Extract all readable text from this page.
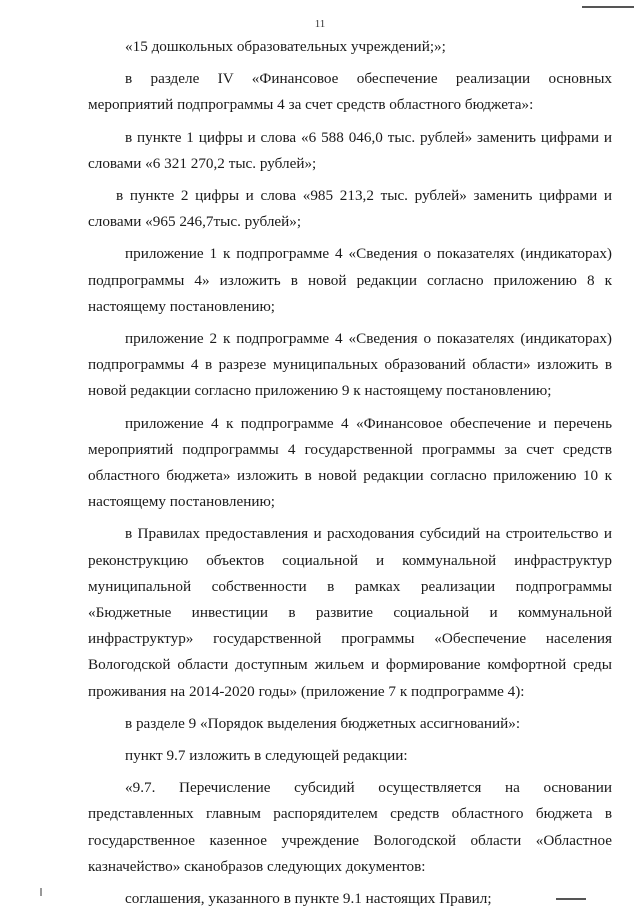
11

«15 дошкольных образовательных учреждений;»;

в разделе IV «Финансовое обеспечение реализации основных мероприятий подпрограммы 4 за счет средств областного бюджета»:

в пункте 1 цифры и слова «6 588 046,0 тыс. рублей» заменить цифрами и словами «6 321 270,2 тыс. рублей»;

в пункте 2 цифры и слова «985 213,2 тыс. рублей» заменить цифрами и словами «965 246,7тыс. рублей»;

приложение 1 к подпрограмме 4 «Сведения о показателях (индикаторах) подпрограммы 4» изложить в новой редакции согласно приложению 8 к настоящему постановлению;

приложение 2 к подпрограмме 4 «Сведения о показателях (индикаторах) подпрограммы 4 в разрезе муниципальных образований области» изложить в новой редакции согласно приложению 9 к настоящему постановлению;

приложение 4 к подпрограмме 4 «Финансовое обеспечение и перечень мероприятий подпрограммы 4 государственной программы за счет средств областного бюджета» изложить в новой редакции согласно приложению 10 к настоящему постановлению;

в Правилах предоставления и расходования субсидий на строительство и реконструкцию объектов социальной и коммунальной инфраструктур муниципальной собственности в рамках реализации подпрограммы «Бюджетные инвестиции в развитие социальной и коммунальной инфраструктур» государственной программы «Обеспечение населения Вологодской области доступным жильем и формирование комфортной среды проживания на 2014-2020 годы» (приложение 7 к подпрограмме 4):

в разделе 9 «Порядок выделения бюджетных ассигнований»:

пункт 9.7 изложить в следующей редакции:

«9.7. Перечисление субсидий осуществляется на основании представленных главным распорядителем средств областного бюджета в государственное казенное учреждение Вологодской области «Областное казначейство» сканобразов следующих документов:

соглашения, указанного в пункте 9.1 настоящих Правил;
